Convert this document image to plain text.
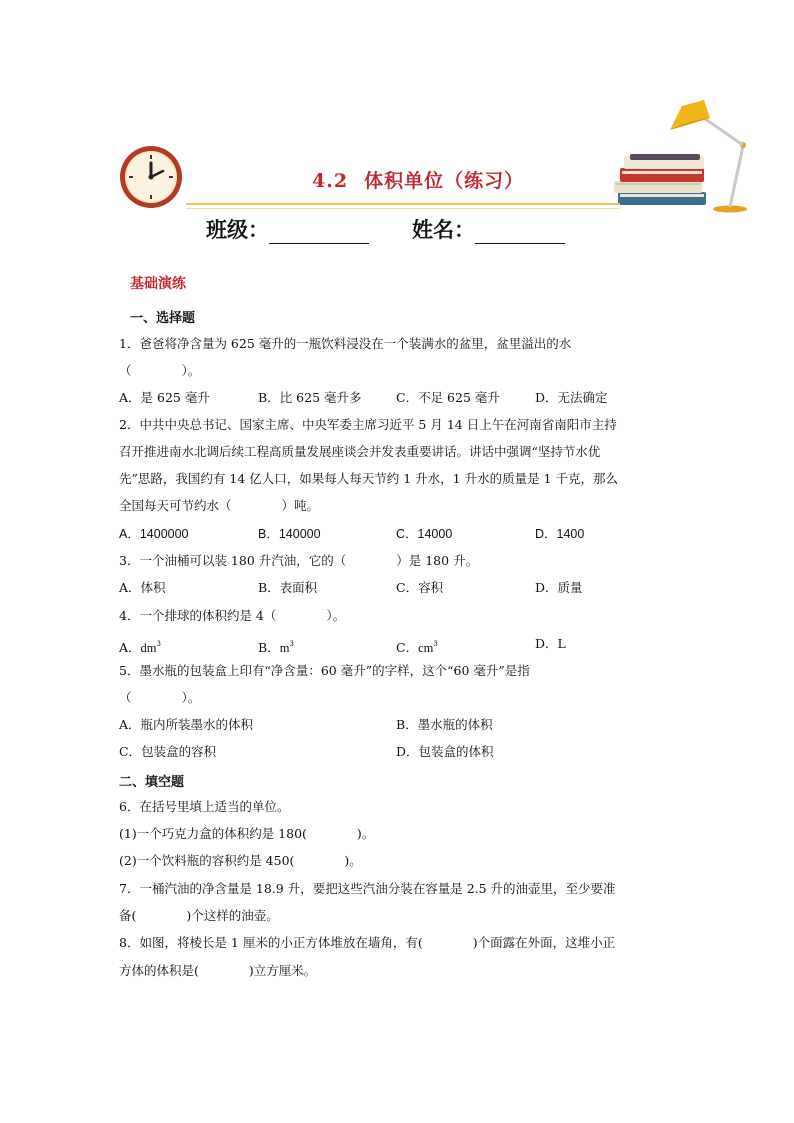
4.2 体积单位（练习）
班级：	姓名：
基础演练
一、选择题
1．爸爸将净含量为 625 毫升的一瓶饮料浸没在一个装满水的盆里，盆里溢出的水
（　　　　）。
A．是 625 毫升	B．比 625 毫升多	C．不足 625 毫升	D．无法确定
2．中共中央总书记、国家主席、中央军委主席习近平 5 月 14 日上午在河南省南阳市主持
召开推进南水北调后续工程高质量发展座谈会并发表重要讲话。讲话中强调“坚持节水优
先”思路，我国约有 14 亿人口，如果每人每天节约 1 升水，1 升水的质量是 1 千克，那么
全国每天可节约水（　　　　）吨。
A．1400000	B．140000	C．14000	D．1400
3．一个油桶可以装 180 升汽油，它的（　　　　）是 180 升。
A．体积	B．表面积	C．容积	D．质量
4．一个排球的体积约是 4（　　　　）。
A．$dm^3$	B．$m^3$	C．$cm^3$	D．L
5．墨水瓶的包装盒上印有“净含量：60 毫升”的字样，这个“60 毫升”是指
（　　　　）。
A．瓶内所装墨水的体积	B．墨水瓶的体积
C．包装盒的容积	D．包装盒的体积
二、填空题
6．在括号里填上适当的单位。
(1)一个巧克力盒的体积约是 180(　　　　)。
(2)一个饮料瓶的容积约是 450(　　　　)。
7．一桶汽油的净含量是 18.9 升，要把这些汽油分装在容量是 2.5 升的油壶里，至少要准
备(　　　　)个这样的油壶。
8．如图，将棱长是 1 厘米的小正方体堆放在墙角，有(　　　　)个面露在外面，这堆小正
方体的体积是(　　　　)立方厘米。
